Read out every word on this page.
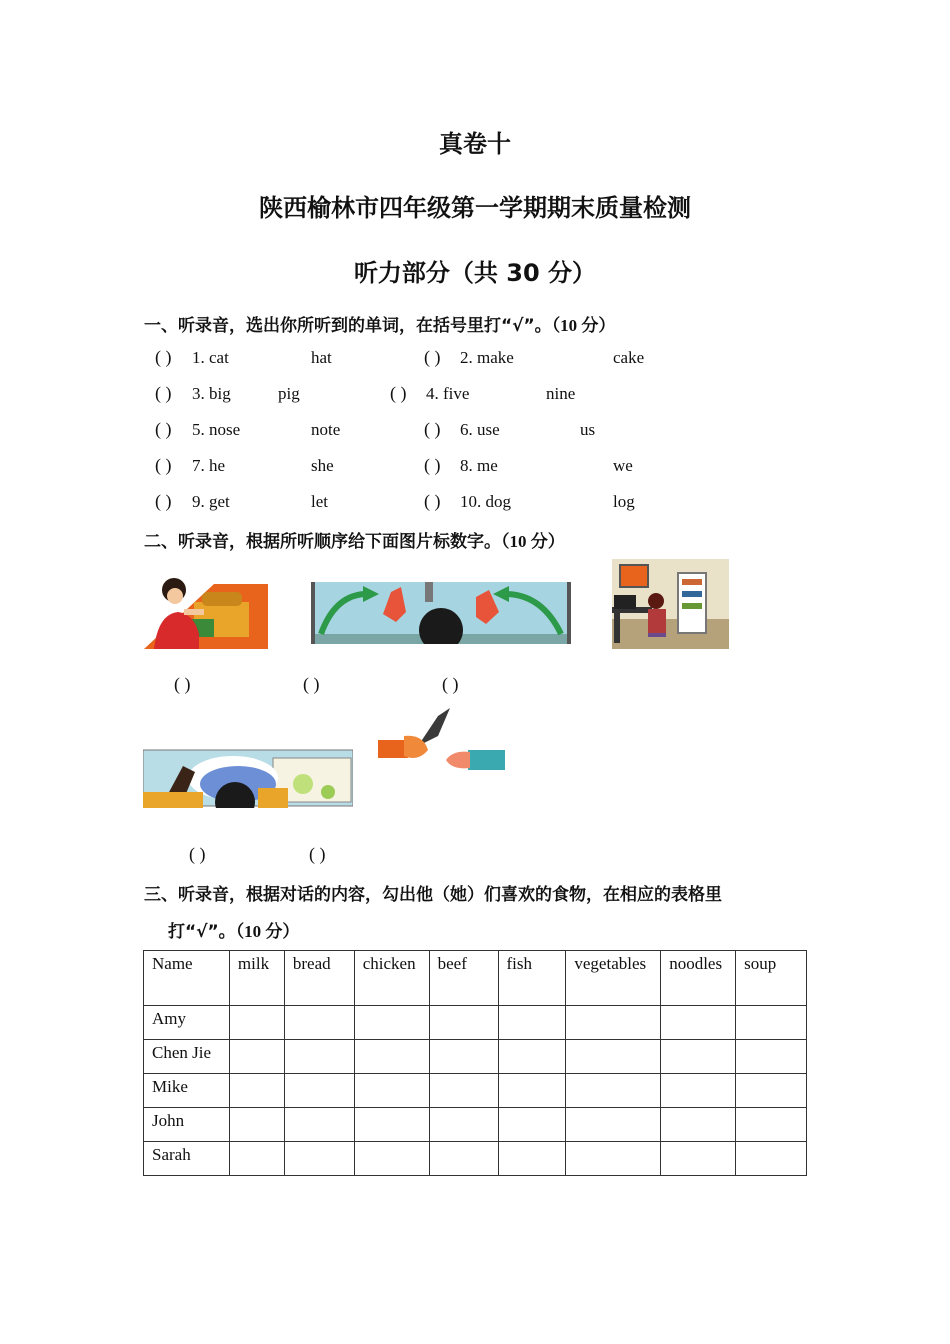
真卷十
陕西榆林市四年级第一学期期末质量检测
听力部分（共 30 分）
一、听录音，选出你所听到的单词，在括号里打“√”。（10 分）
( ) 1. cat	hat	( ) 2. make	cake
( ) 3. big	pig	( ) 4. five	nine
( ) 5. nose	note	( ) 6. use	us
( ) 7. he	she	( ) 8. me	we
( ) 9. get	let	( ) 10. dog	log
二、听录音，根据所听顺序给下面图片标数字。（10 分）
( )	( )	( )
( )	( )
三、听录音，根据对话的内容，勾出他（她）们喜欢的食物，在相应的表格里
打“√”。（10 分）
Name	milk	bread	chicken	beef	fish	vegetables	noodles	soup
Amy								
Chen Jie								
Mike								
John								
Sarah								
